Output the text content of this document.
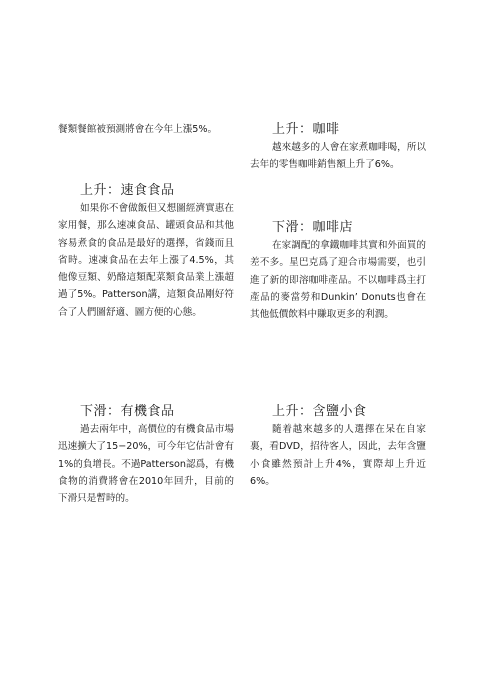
餐類餐館被預測將會在今年上漲5%。

上升：速食食品

如果你不會做飯但又想圖經濟實惠在家用餐，那么速凍食品、罐頭食品和其他容易煮食的食品是最好的選擇，省錢而且省時。速凍食品在去年上漲了4.5%，其他像豆類、奶酪這類配菜類食品業上漲超過了5%。Patterson講，這類食品剛好符合了人們圖舒適、圖方便的心態。

下滑：有機食品

過去兩年中，高價位的有機食品市場迅速擴大了15−20%，可今年它估計會有1%的負增長。不過Patterson認爲，有機食物的消費將會在2010年回升，目前的下滑只是暫時的。

上升：咖啡

越來越多的人會在家煮咖啡喝，所以去年的零售咖啡銷售額上升了6%。

下滑：咖啡店

在家調配的拿鐵咖啡其實和外面買的差不多。星巴克爲了迎合市場需要，也引進了新的即溶咖啡產品。不以咖啡爲主打產品的麥當勞和Dunkin’ Donuts也會在其他低價飲料中賺取更多的利潤。

上升：含鹽小食

隨着越來越多的人選擇在呆在自家裏，看DVD，招待客人，因此，去年含鹽小食雖然預計上升4%，實際却上升近6%。
